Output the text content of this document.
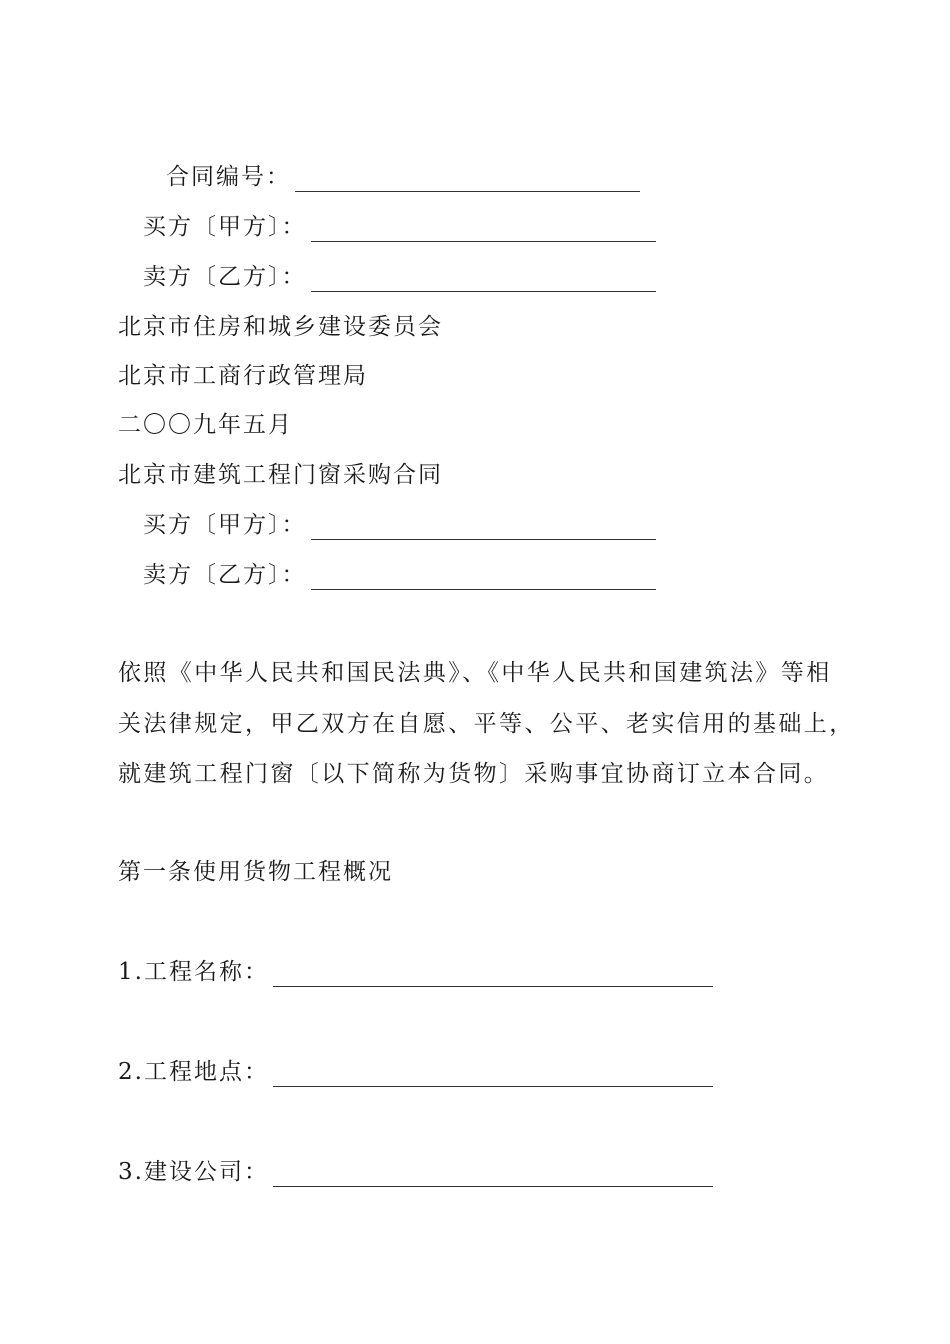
合同编号：
买方〔甲方〕：
卖方〔乙方〕：
北京市住房和城乡建设委员会
北京市工商行政管理局
二〇〇九年五月
北京市建筑工程门窗采购合同
买方〔甲方〕：
卖方〔乙方〕：
依照《中华人民共和国民法典》、《中华人民共和国建筑法》等相
关法律规定，甲乙双方在自愿、平等、公平、老实信用的基础上，
就建筑工程门窗〔以下简称为货物〕采购事宜协商订立本合同。
第一条使用货物工程概况
1.工程名称：
2.工程地点：
3.建设公司：
